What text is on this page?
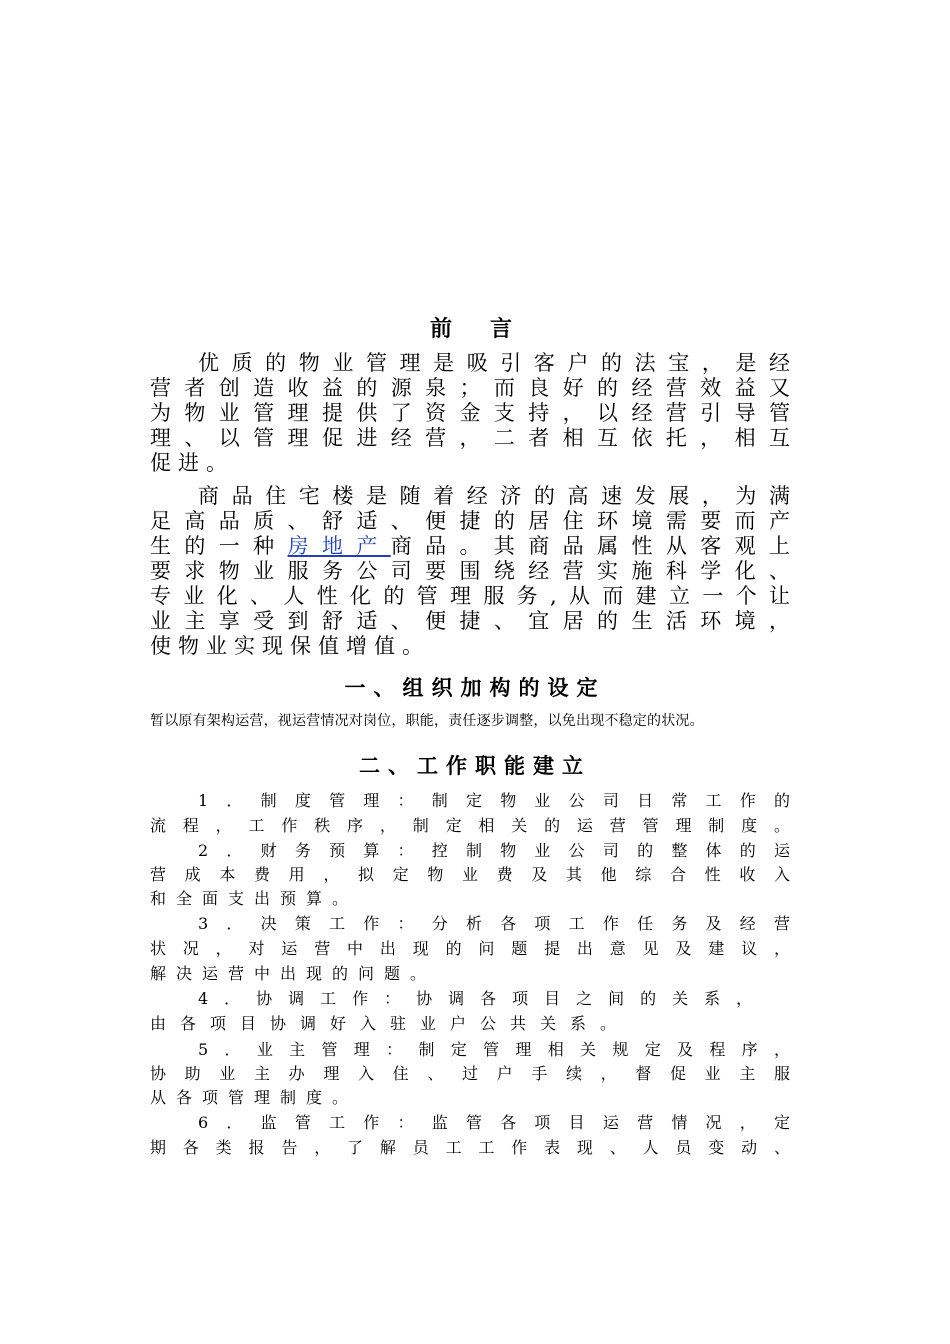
前　言
优质的物业管理是吸引客户的法宝，是经
营者创造收益的源泉；而良好的经营效益又
为物业管理提供了资金支持，以经营引导管
理、以管理促进经营，二者相互依托，相互
促进。
商品住宅楼是随着经济的高速发展，为满
足高品质、舒适、便捷的居住环境需要而产
生的一种房地产商品。其商品属性从客观上
要求物业服务公司要围绕经营实施科学化、
专业化、人性化的管理服务,从而建立一个让
业主享受到舒适、便捷、宜居的生活环境，
使物业实现保值增值。
一、组织加构的设定
暂以原有架构运营，视运营情况对岗位，职能，责任逐步调整，以免出现不稳定的状况。
二、工作职能建立
1．制度管理：制定物业公司日常工作的
流程，工作秩序，制定相关的运营管理制度。
2．财务预算：控制物业公司的整体的运
营成本费用，拟定物业费及其他综合性收入
和全面支出预算。
3．决策工作：分析各项工作任务及经营
状况，对运营中出现的问题提出意见及建议，
解决运营中出现的问题。
4．协调工作：协调各项目之间的关系，
由各项目协调好入驻业户公共关系。
5．业主管理：制定管理相关规定及程序，
协助业主办理入住、过户手续，督促业主服
从各项管理制度。
6．监管工作：监管各项目运营情况，定
期各类报告，了解员工工作表现、人员变动、
